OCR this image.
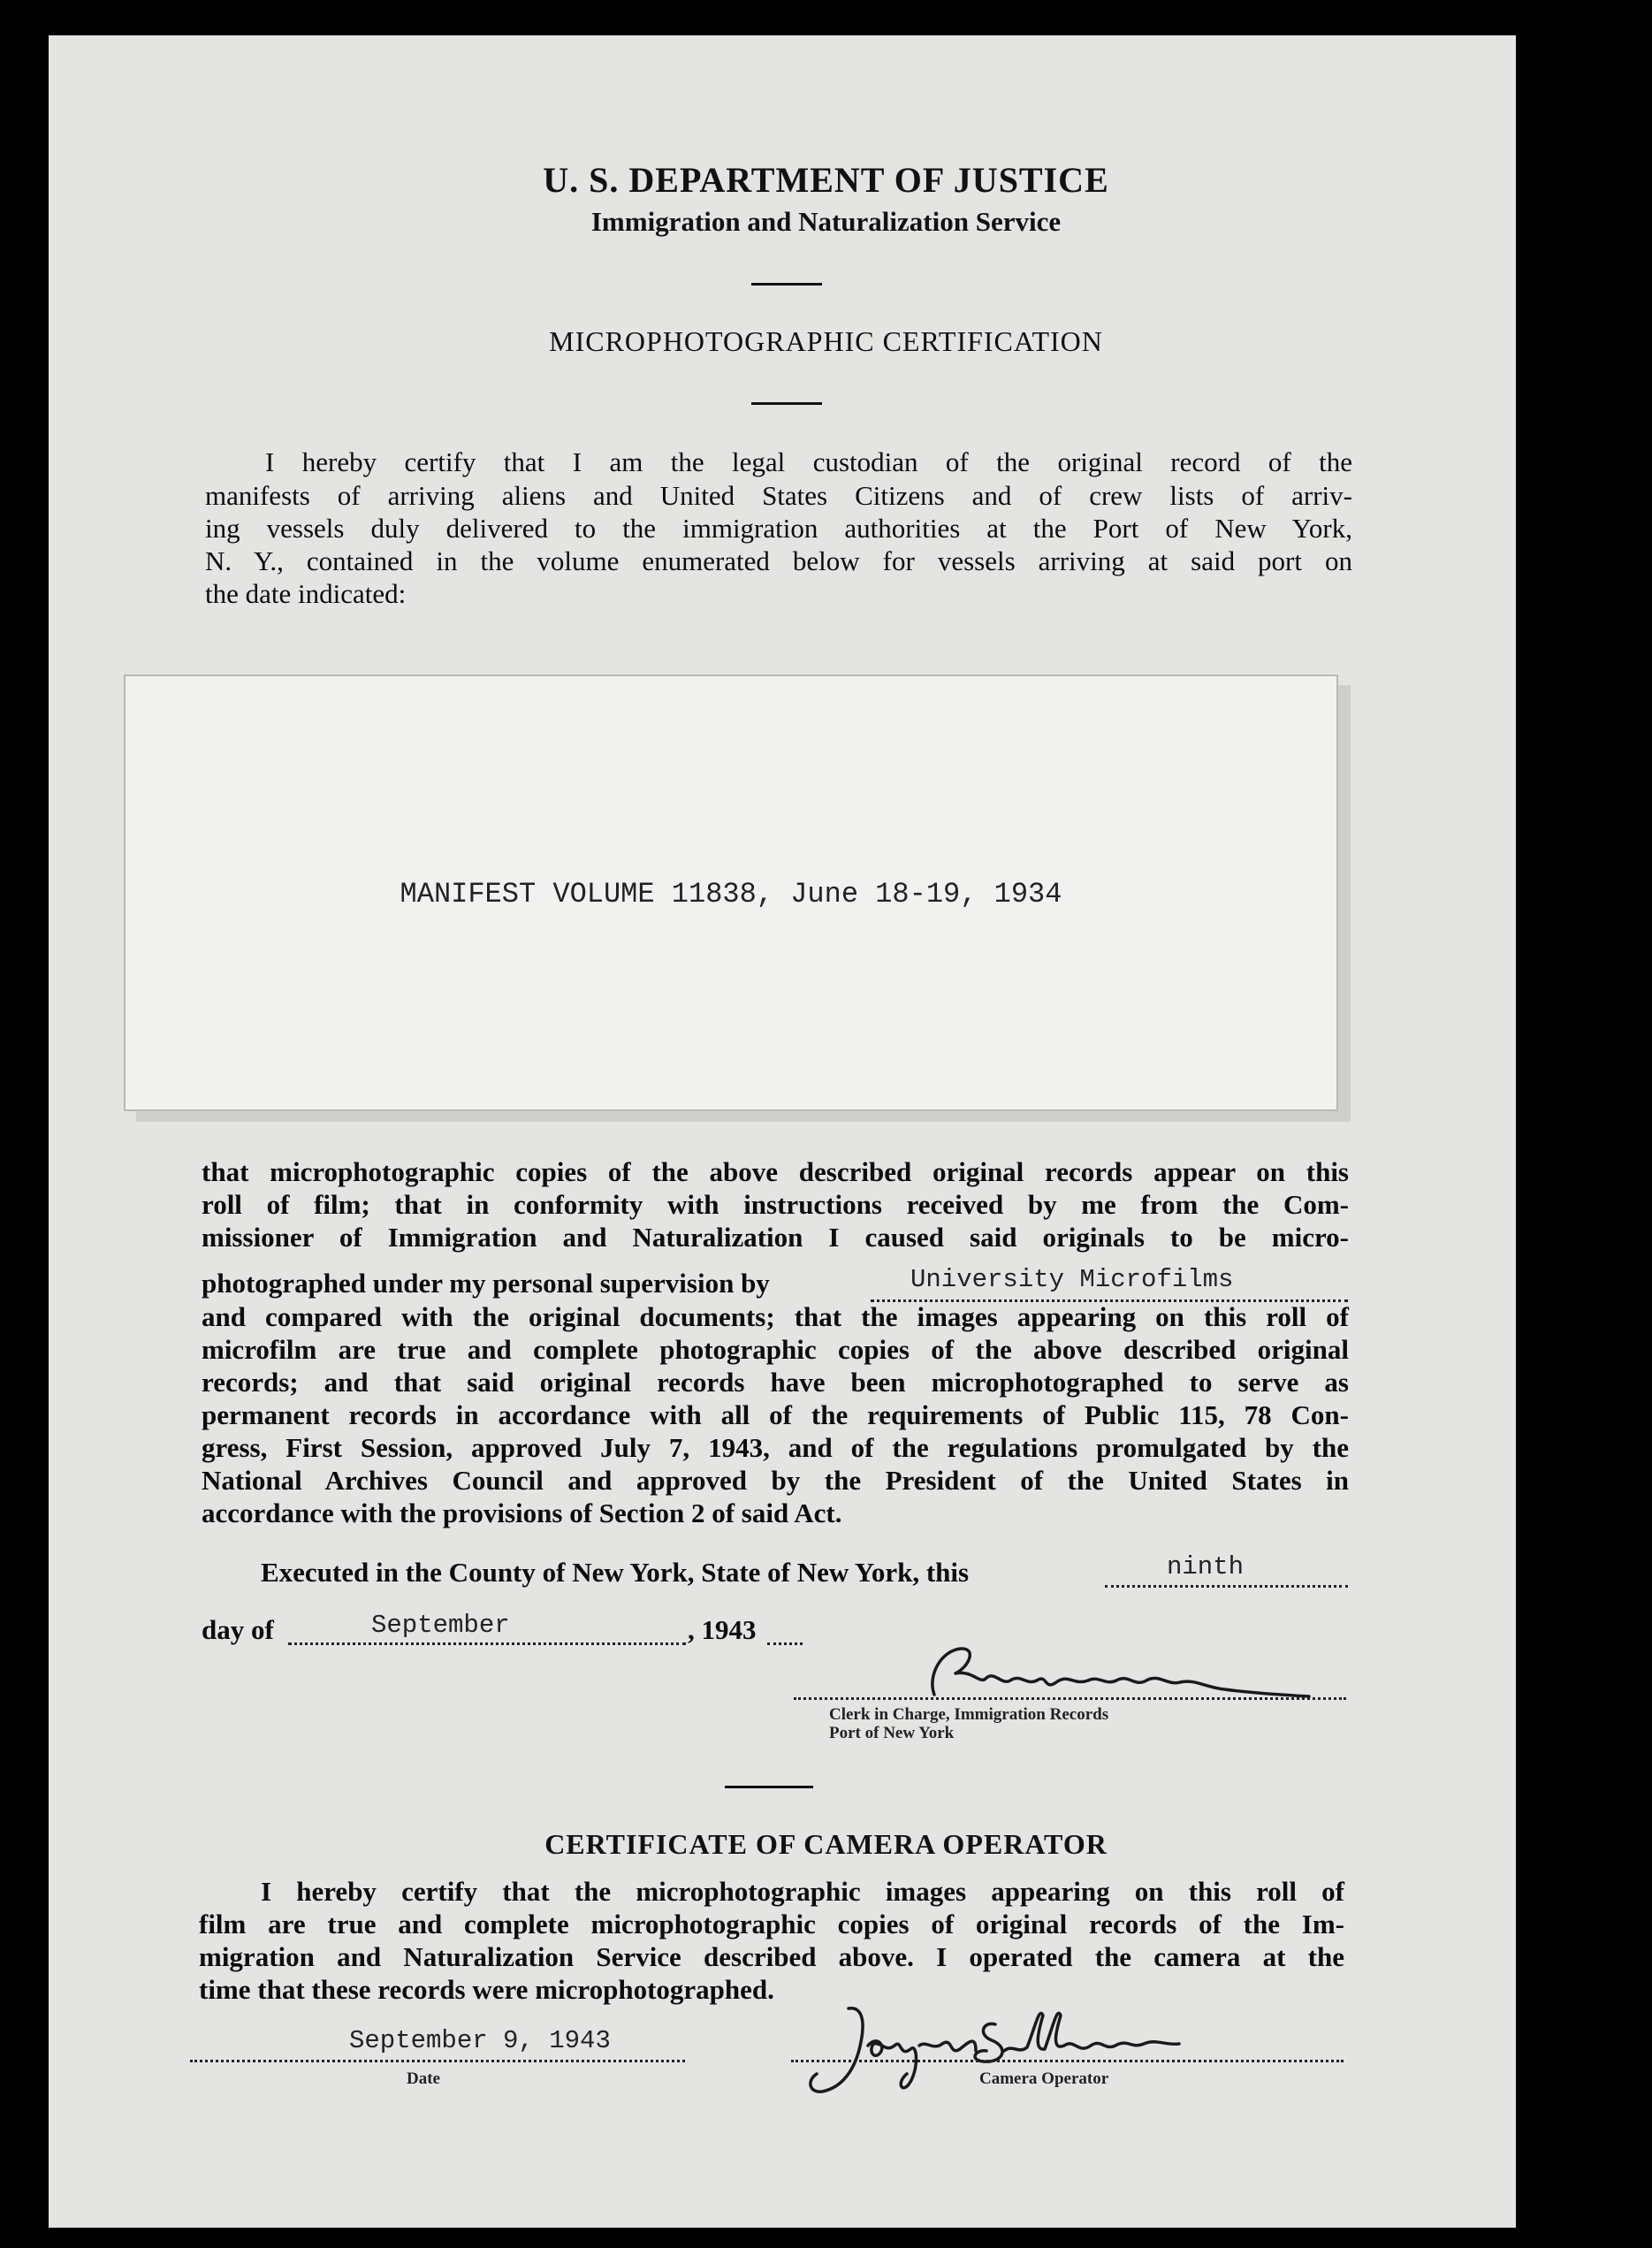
U. S. DEPARTMENT OF JUSTICE
Immigration and Naturalization Service
MICROPHOTOGRAPHIC CERTIFICATION
I hereby certify that I am the legal custodian of the original record of the
manifests of arriving aliens and United States Citizens and of crew lists of arriv-
ing vessels duly delivered to the immigration authorities at the Port of New York,
N. Y., contained in the volume enumerated below for vessels arriving at said port on
the date indicated:
MANIFEST VOLUME 11838, June 18-19, 1934
that microphotographic copies of the above described original records appear on this
roll of film; that in conformity with instructions received by me from the Com-
missioner of Immigration and Naturalization I caused said originals to be micro-
photographed under my personal supervision by	University Microfilms
and compared with the original documents; that the images appearing on this roll of
microfilm are true and complete photographic copies of the above described original
records; and that said original records have been microphotographed to serve as
permanent records in accordance with all of the requirements of Public 115, 78 Con-
gress, First Session, approved July 7, 1943, and of the regulations promulgated by the
National Archives Council and approved by the President of the United States in
accordance with the provisions of Section 2 of said Act.
Executed in the County of New York, State of New York, this	ninth
day of	September	, 1943
Clerk in Charge, Immigration Records
Port of New York
CERTIFICATE OF CAMERA OPERATOR
I hereby certify that the microphotographic images appearing on this roll of
film are true and complete microphotographic copies of original records of the Im-
migration and Naturalization Service described above. I operated the camera at the
time that these records were microphotographed.
September 9, 1943
Date	Camera Operator
